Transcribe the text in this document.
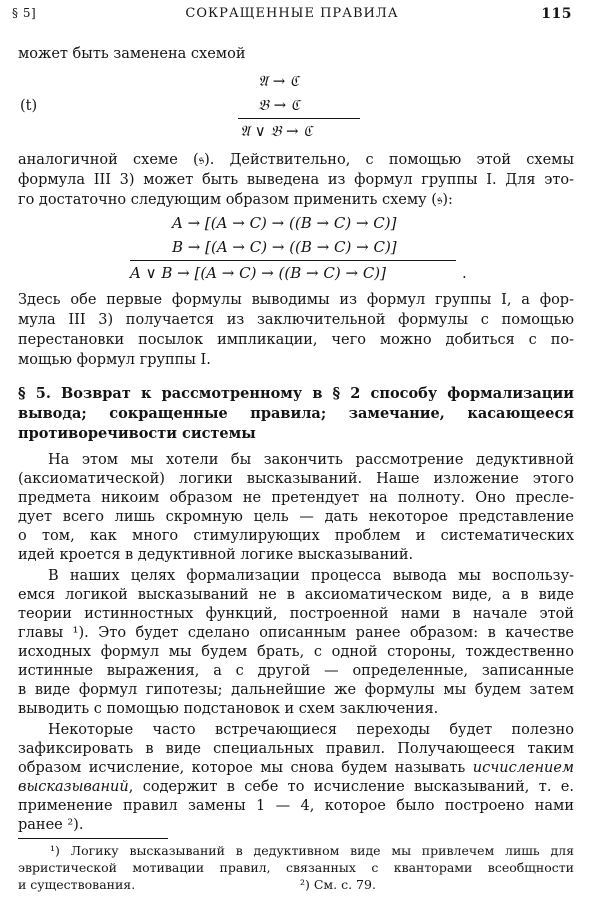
§ 5]	СОКРАЩЕННЫЕ ПРАВИЛА	115
может быть заменена схемой
(t)
𝔄 → ℭ
𝔅 → ℭ
𝔄 ∨ 𝔅 → ℭ
аналогичной схеме (𝔰). Действительно, с помощью этой схемы
формула III 3) может быть выведена из формул группы I. Для это-
го достаточно следующим образом применить схему (𝔰):
A → [(A → C) → ((B → C) → C)]
B → [(A → C) → ((B → C) → C)]
A ∨ B → [(A → C) → ((B → C) → C)]	.
Здесь обе первые формулы выводимы из формул группы I, а фор-
мула III 3) получается из заключительной формулы с помощью
перестановки посылок импликации, чего можно добиться с по-
мощью формул группы I.
§ 5. Возврат к рассмотренному в § 2 способу формализации
вывода; сокращенные правила; замечание, касающееся
противоречивости системы
На этом мы хотели бы закончить рассмотрение дедуктивной
(аксиоматической) логики высказываний. Наше изложение этого
предмета никоим образом не претендует на полноту. Оно пресле-
дует всего лишь скромную цель — дать некоторое представление
о том, как много стимулирующих проблем и систематических
идей кроется в дедуктивной логике высказываний.
В наших целях формализации процесса вывода мы воспользу-
емся логикой высказываний не в аксиоматическом виде, а в виде
теории истинностных функций, построенной нами в начале этой
главы ¹). Это будет сделано описанным ранее образом: в качестве
исходных формул мы будем брать, с одной стороны, тождественно
истинные выражения, а с другой — определенные, записанные
в виде формул гипотезы; дальнейшие же формулы мы будем затем
выводить с помощью подстановок и схем заключения.
Некоторые часто встречающиеся переходы будет полезно
зафиксировать в виде специальных правил. Получающееся таким
образом исчисление, которое мы снова будем называть исчислением
высказываний, содержит в себе то исчисление высказываний, т. е.
применение правил замены 1 — 4, которое было построено нами
ранее ²).
¹) Логику высказываний в дедуктивном виде мы привлечем лишь для
эвристической мотивации правил, связанных с кванторами всеобщности
и существования.	²) См. с. 79.
